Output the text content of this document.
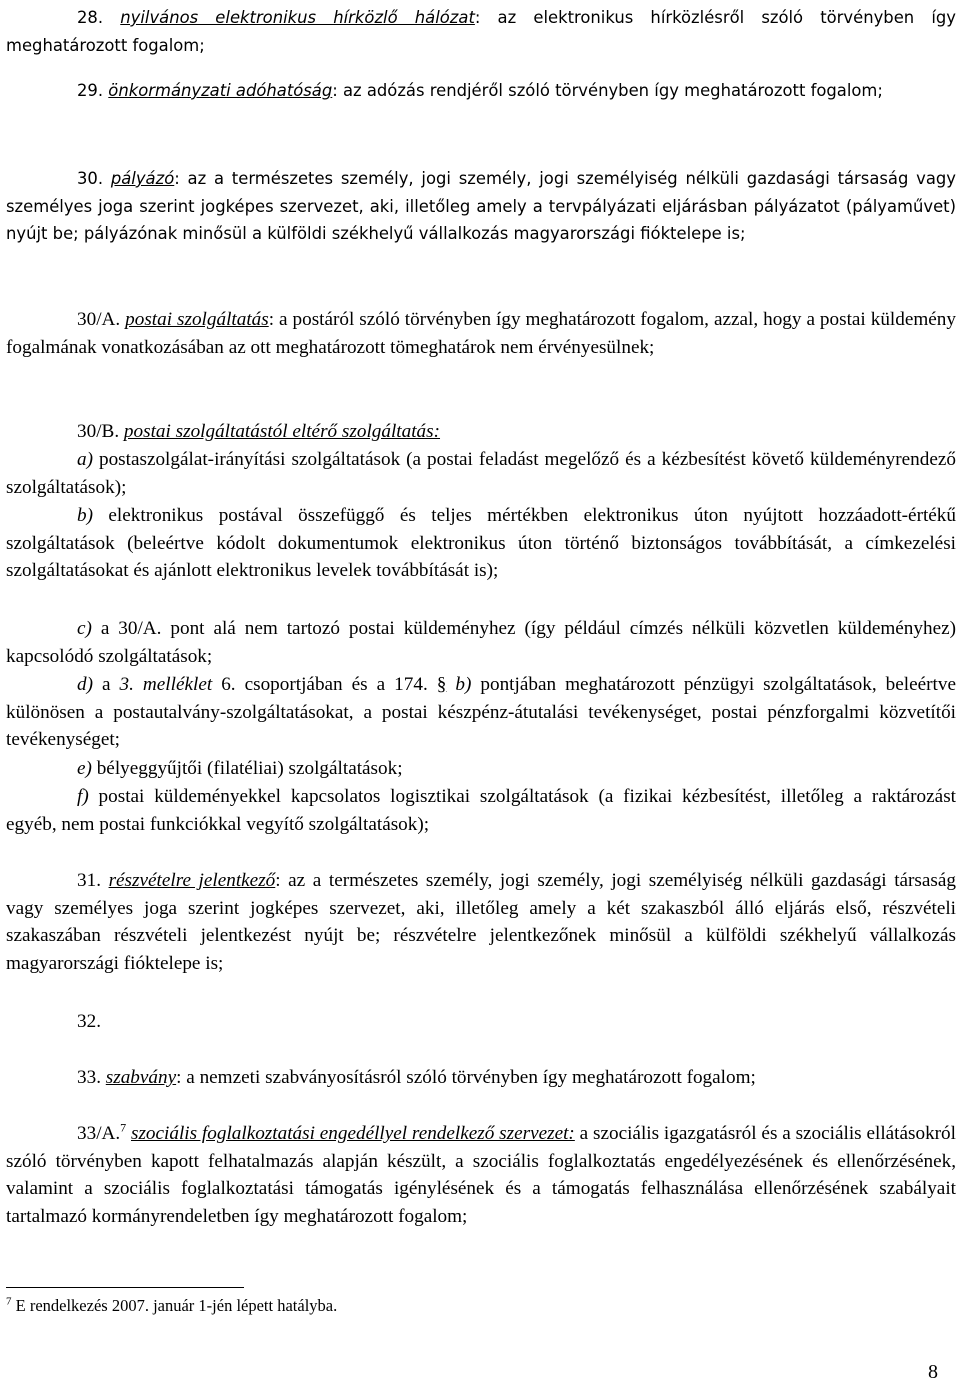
28. nyilvános elektronikus hírközlő hálózat: az elektronikus hírközlésről szóló törvényben így meghatározott fogalom;

29. önkormányzati adóhatóság: az adózás rendjéről szóló törvényben így meghatározott fogalom;

30. pályázó: az a természetes személy, jogi személy, jogi személyiség nélküli gazdasági társaság vagy személyes joga szerint jogképes szervezet, aki, illetőleg amely a tervpályázati eljárásban pályázatot (pályaművet) nyújt be; pályázónak minősül a külföldi székhelyű vállalkozás magyarországi fióktelepe is;

30/A. postai szolgáltatás: a postáról szóló törvényben így meghatározott fogalom, azzal, hogy a postai küldemény fogalmának vonatkozásában az ott meghatározott tömeghatárok nem érvényesülnek;

30/B. postai szolgáltatástól eltérő szolgáltatás:

a) postaszolgálat-irányítási szolgáltatások (a postai feladást megelőző és a kézbesítést követő küldeményrendező szolgáltatások);

b) elektronikus postával összefüggő és teljes mértékben elektronikus úton nyújtott hozzáadott-értékű szolgáltatások (beleértve kódolt dokumentumok elektronikus úton történő biztonságos továbbítását, a címkezelési szolgáltatásokat és ajánlott elektronikus levelek továbbítását is);

c) a 30/A. pont alá nem tartozó postai küldeményhez (így például címzés nélküli közvetlen küldeményhez) kapcsolódó szolgáltatások;

d) a 3. melléklet 6. csoportjában és a 174. § b) pontjában meghatározott pénzügyi szolgáltatások, beleértve különösen a postautalvány-szolgáltatásokat, a postai készpénz-átutalási tevékenységet, postai pénzforgalmi közvetítői tevékenységet;

e) bélyeggyűjtői (filatéliai) szolgáltatások;

f) postai küldeményekkel kapcsolatos logisztikai szolgáltatások (a fizikai kézbesítést, illetőleg a raktározást egyéb, nem postai funkciókkal vegyítő szolgáltatások);

31. részvételre jelentkező: az a természetes személy, jogi személy, jogi személyiség nélküli gazdasági társaság vagy személyes joga szerint jogképes szervezet, aki, illetőleg amely a két szakaszból álló eljárás első, részvételi szakaszában részvételi jelentkezést nyújt be; részvételre jelentkezőnek minősül a külföldi székhelyű vállalkozás magyarországi fióktelepe is;

32.

33. szabvány: a nemzeti szabványosításról szóló törvényben így meghatározott fogalom;

33/A.$^7$ szociális foglalkoztatási engedéllyel rendelkező szervezet: a szociális igazgatásról és a szociális ellátásokról szóló törvényben kapott felhatalmazás alapján készült, a szociális foglalkoztatás engedélyezésének és ellenőrzésének, valamint a szociális foglalkoztatási támogatás igénylésének és a támogatás felhasználása ellenőrzésének szabályait tartalmazó kormányrendeletben így meghatározott fogalom;

$^7$ E rendelkezés 2007. január 1-jén lépett hatályba.
8
